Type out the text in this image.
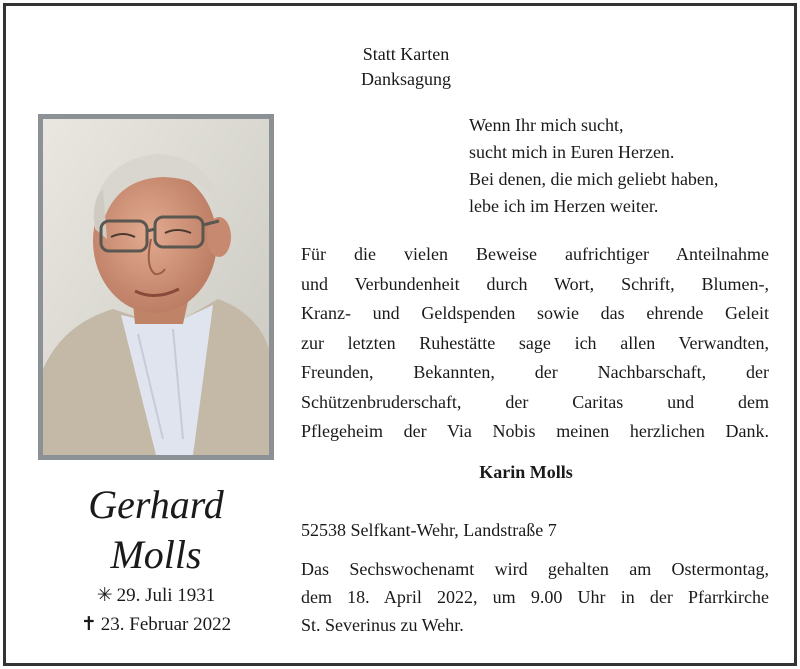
Statt Karten
Danksagung
Wenn Ihr mich sucht,
sucht mich in Euren Herzen.
Bei denen, die mich geliebt haben,
lebe ich im Herzen weiter.
Für die vielen Beweise aufrichtiger Anteilnahme
und Verbundenheit durch Wort, Schrift, Blumen-,
Kranz- und Geldspenden sowie das ehrende Geleit
zur letzten Ruhestätte sage ich allen Verwandten,
Freunden, Bekannten, der Nachbarschaft, der
Schützenbruderschaft, der Caritas und dem
Pflegeheim der Via Nobis meinen herzlichen Dank.
Karin Molls
Gerhard
Molls
✳ 29. Juli 1931
✝ 23. Februar 2022
52538 Selfkant-Wehr, Landstraße 7
Das Sechswochenamt wird gehalten am Ostermontag,
dem 18. April 2022, um 9.00 Uhr in der Pfarrkirche
St. Severinus zu Wehr.
